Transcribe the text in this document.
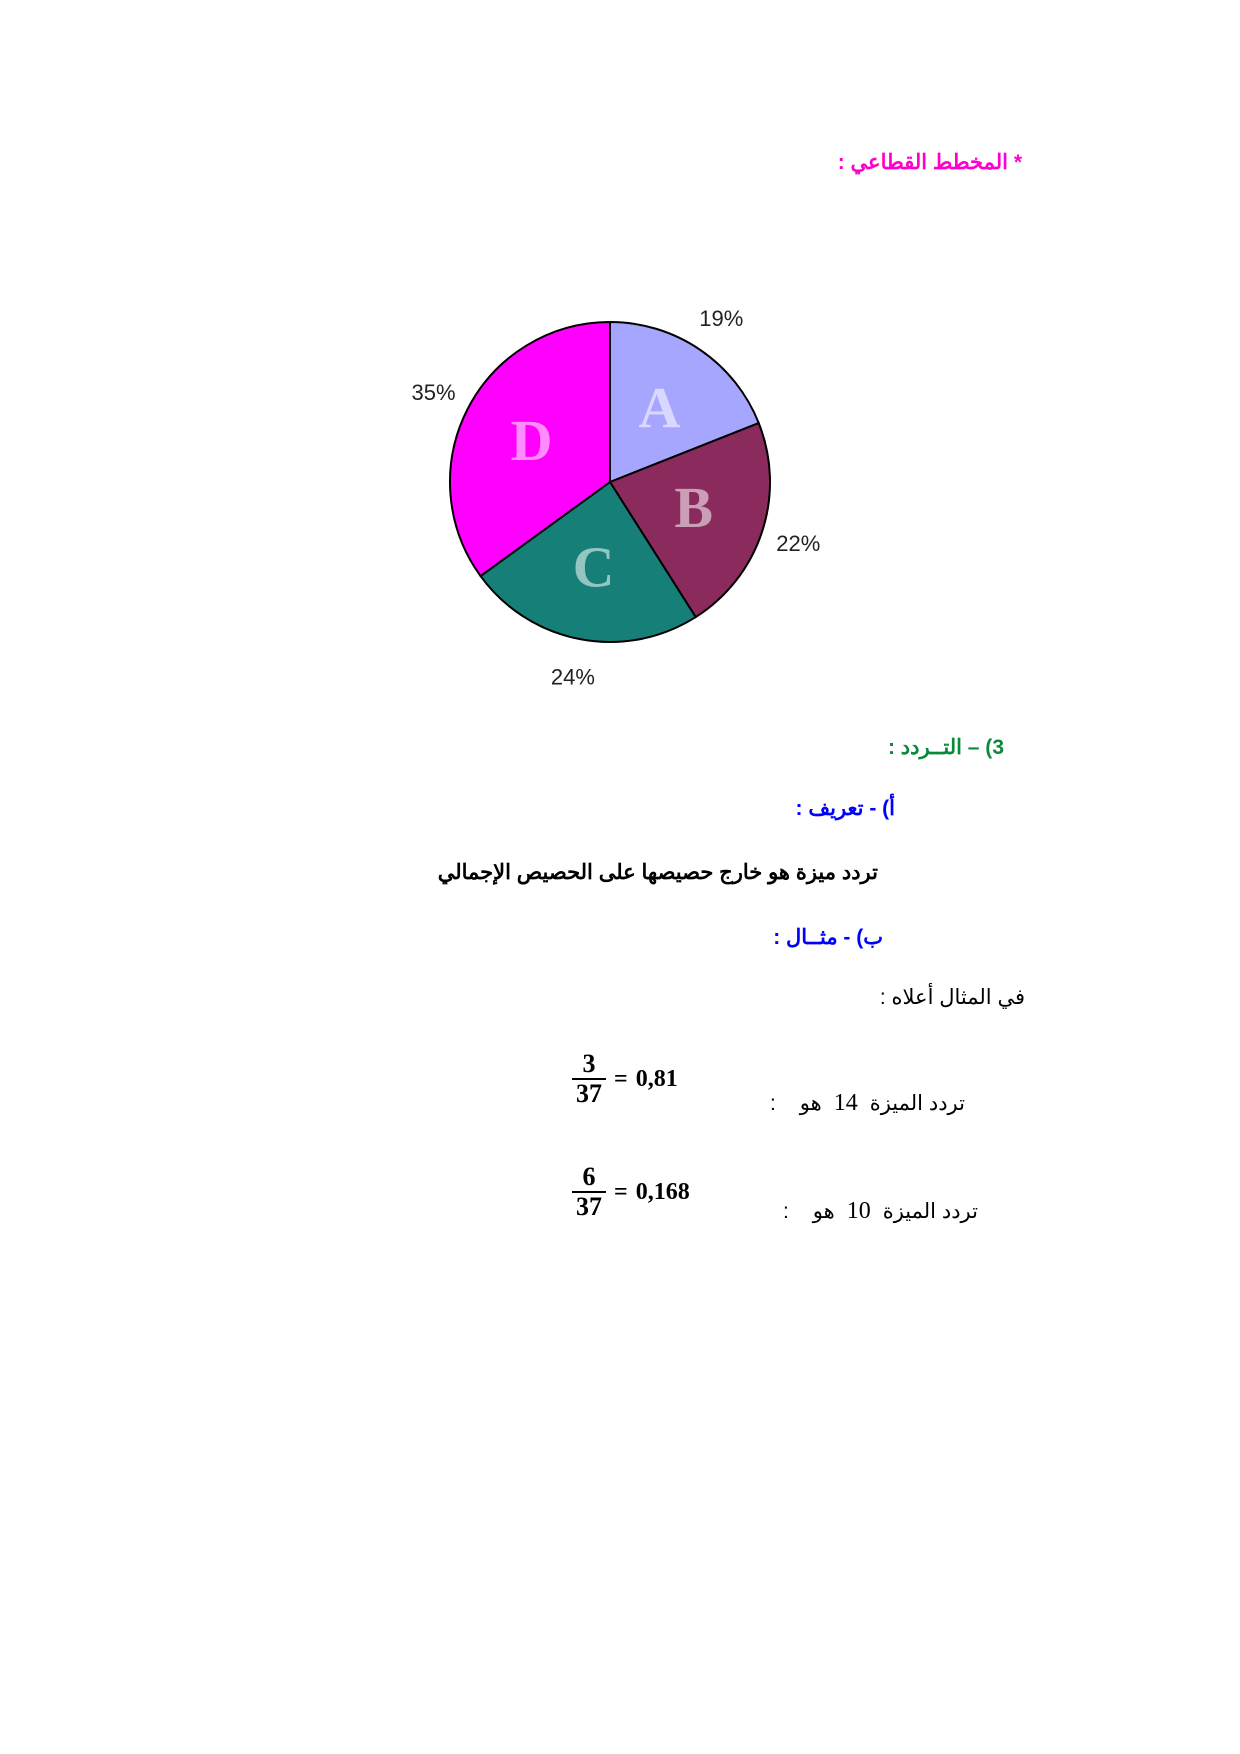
* المخطط القطاعي :
A
19%
B
22%
C
24%
D
35%
3) – التــردد :
أ) - تعريف :
تردد ميزة هو خارج حصيصها على الحصيص الإجمالي
ب) - مثــال :
في المثال أعلاه :
$\frac{3}{37} = 0,81$
تردد الميزة14هو:
$\frac{6}{37} = 0,168$
تردد الميزة10هو:
